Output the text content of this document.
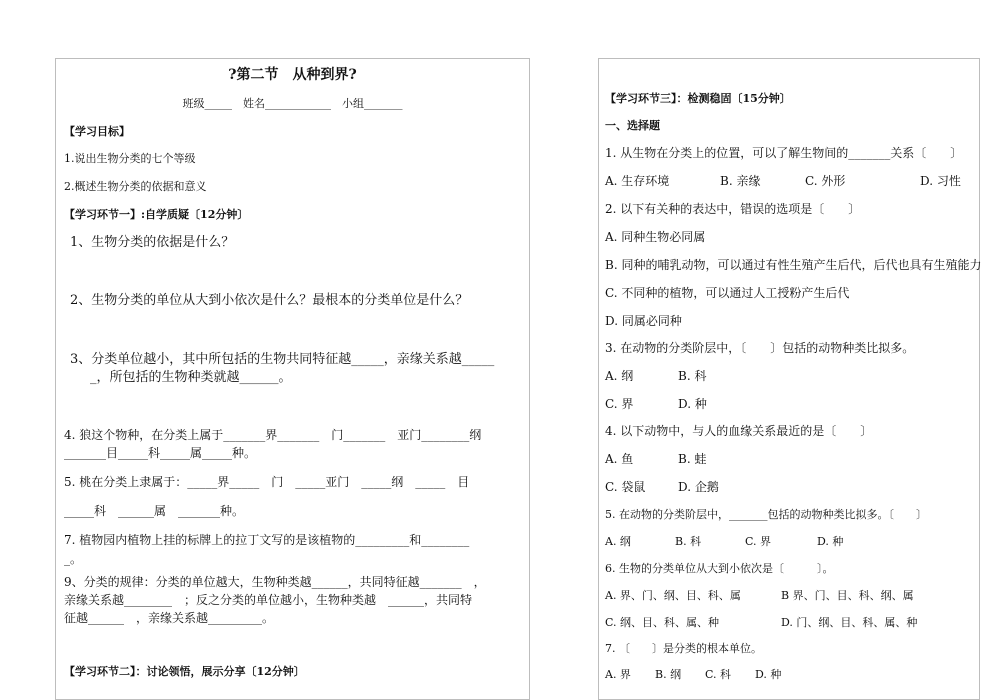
?第二节　从种到界?
班级_____　姓名____________　小组_______
【学习目标】
1.说出生物分类的七个等级
2.概述生物分类的依据和意义
【学习环节一】:自学质疑〔12分钟〕
1、生物分类的依据是什么？
2、生物分类的单位从大到小依次是什么？最根本的分类单位是什么？
3、分类单位越小，其中所包括的生物共同特征越_____，亲缘关系越_____
_，所包括的生物种类就越______。
4. 狼这个物种，在分类上属于_______界_______　门_______　亚门________纲
_______目_____科_____属_____种。
5. 桃在分类上隶属于：_____界_____　门　_____亚门　_____纲　_____　目
_____科　______属　_______种。
7. 植物园内植物上挂的标牌上的拉丁文写的是该植物的_________和________
_。
9、分类的规律：分类的单位越大，生物种类越______，共同特征越_______　，
亲缘关系越________　；反之分类的单位越小，生物种类越　______，共同特
征越______　，亲缘关系越_________。
【学习环节二】：讨论领悟，展示分享〔12分钟〕
【学习环节三】：检测稳固〔15分钟〕
一、选择题
1. 从生物在分类上的位置，可以了解生物间的_______关系〔　　〕
A. 生存环境	B. 亲缘	C. 外形	D. 习性
2. 以下有关种的表达中，错误的选项是〔　　〕
A. 同种生物必同属
B. 同种的哺乳动物，可以通过有性生殖产生后代，后代也具有生殖能力
C. 不同种的植物，可以通过人工授粉产生后代
D. 同属必同种
3. 在动物的分类阶层中，〔　　〕包括的动物种类比拟多。
A. 纲	B. 科
C. 界	D. 种
4. 以下动物中，与人的血缘关系最近的是〔　　〕
A. 鱼	B. 蛙
C. 袋鼠	D. 企鹅
5. 在动物的分类阶层中，_______包括的动物种类比拟多。〔　　〕
A. 纲	B. 科	C. 界	D. 种
6. 生物的分类单位从大到小依次是〔　　　〕。
A. 界、门、纲、目、科、属	B 界、门、目、科、纲、属
C. 纲、目、科、属、种	D. 门、纲、目、科、属、种
7. 〔　　〕是分类的根本单位。
A. 界 B. 纲 C. 科 D. 种
